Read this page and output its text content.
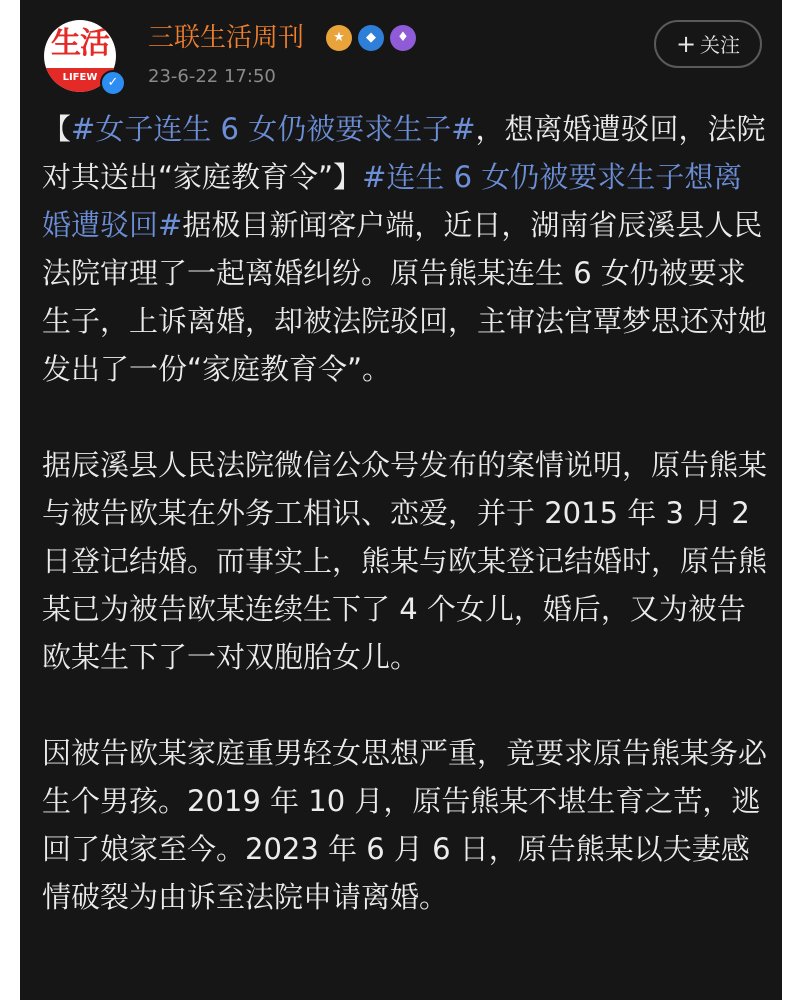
生活
LIFEW ✓
三联生活周刊	★	◆	♦
23-6-22 17:50
+ 关注

【#女子连生 6 女仍被要求生子#，想离婚遭驳回，法院对其送出“家庭教育令”】#连生 6 女仍被要求生子想离婚遭驳回#据极目新闻客户端，近日，湖南省辰溪县人民法院审理了一起离婚纠纷。原告熊某连生 6 女仍被要求生子，上诉离婚，却被法院驳回，主审法官覃梦思还对她发出了一份“家庭教育令”。

据辰溪县人民法院微信公众号发布的案情说明，原告熊某与被告欧某在外务工相识、恋爱，并于 2015 年 3 月 2 日登记结婚。而事实上，熊某与欧某登记结婚时，原告熊某已为被告欧某连续生下了 4 个女儿，婚后，又为被告欧某生下了一对双胞胎女儿。

因被告欧某家庭重男轻女思想严重，竟要求原告熊某务必生个男孩。2019 年 10 月，原告熊某不堪生育之苦，逃回了娘家至今。2023 年 6 月 6 日，原告熊某以夫妻感情破裂为由诉至法院申请离婚。
